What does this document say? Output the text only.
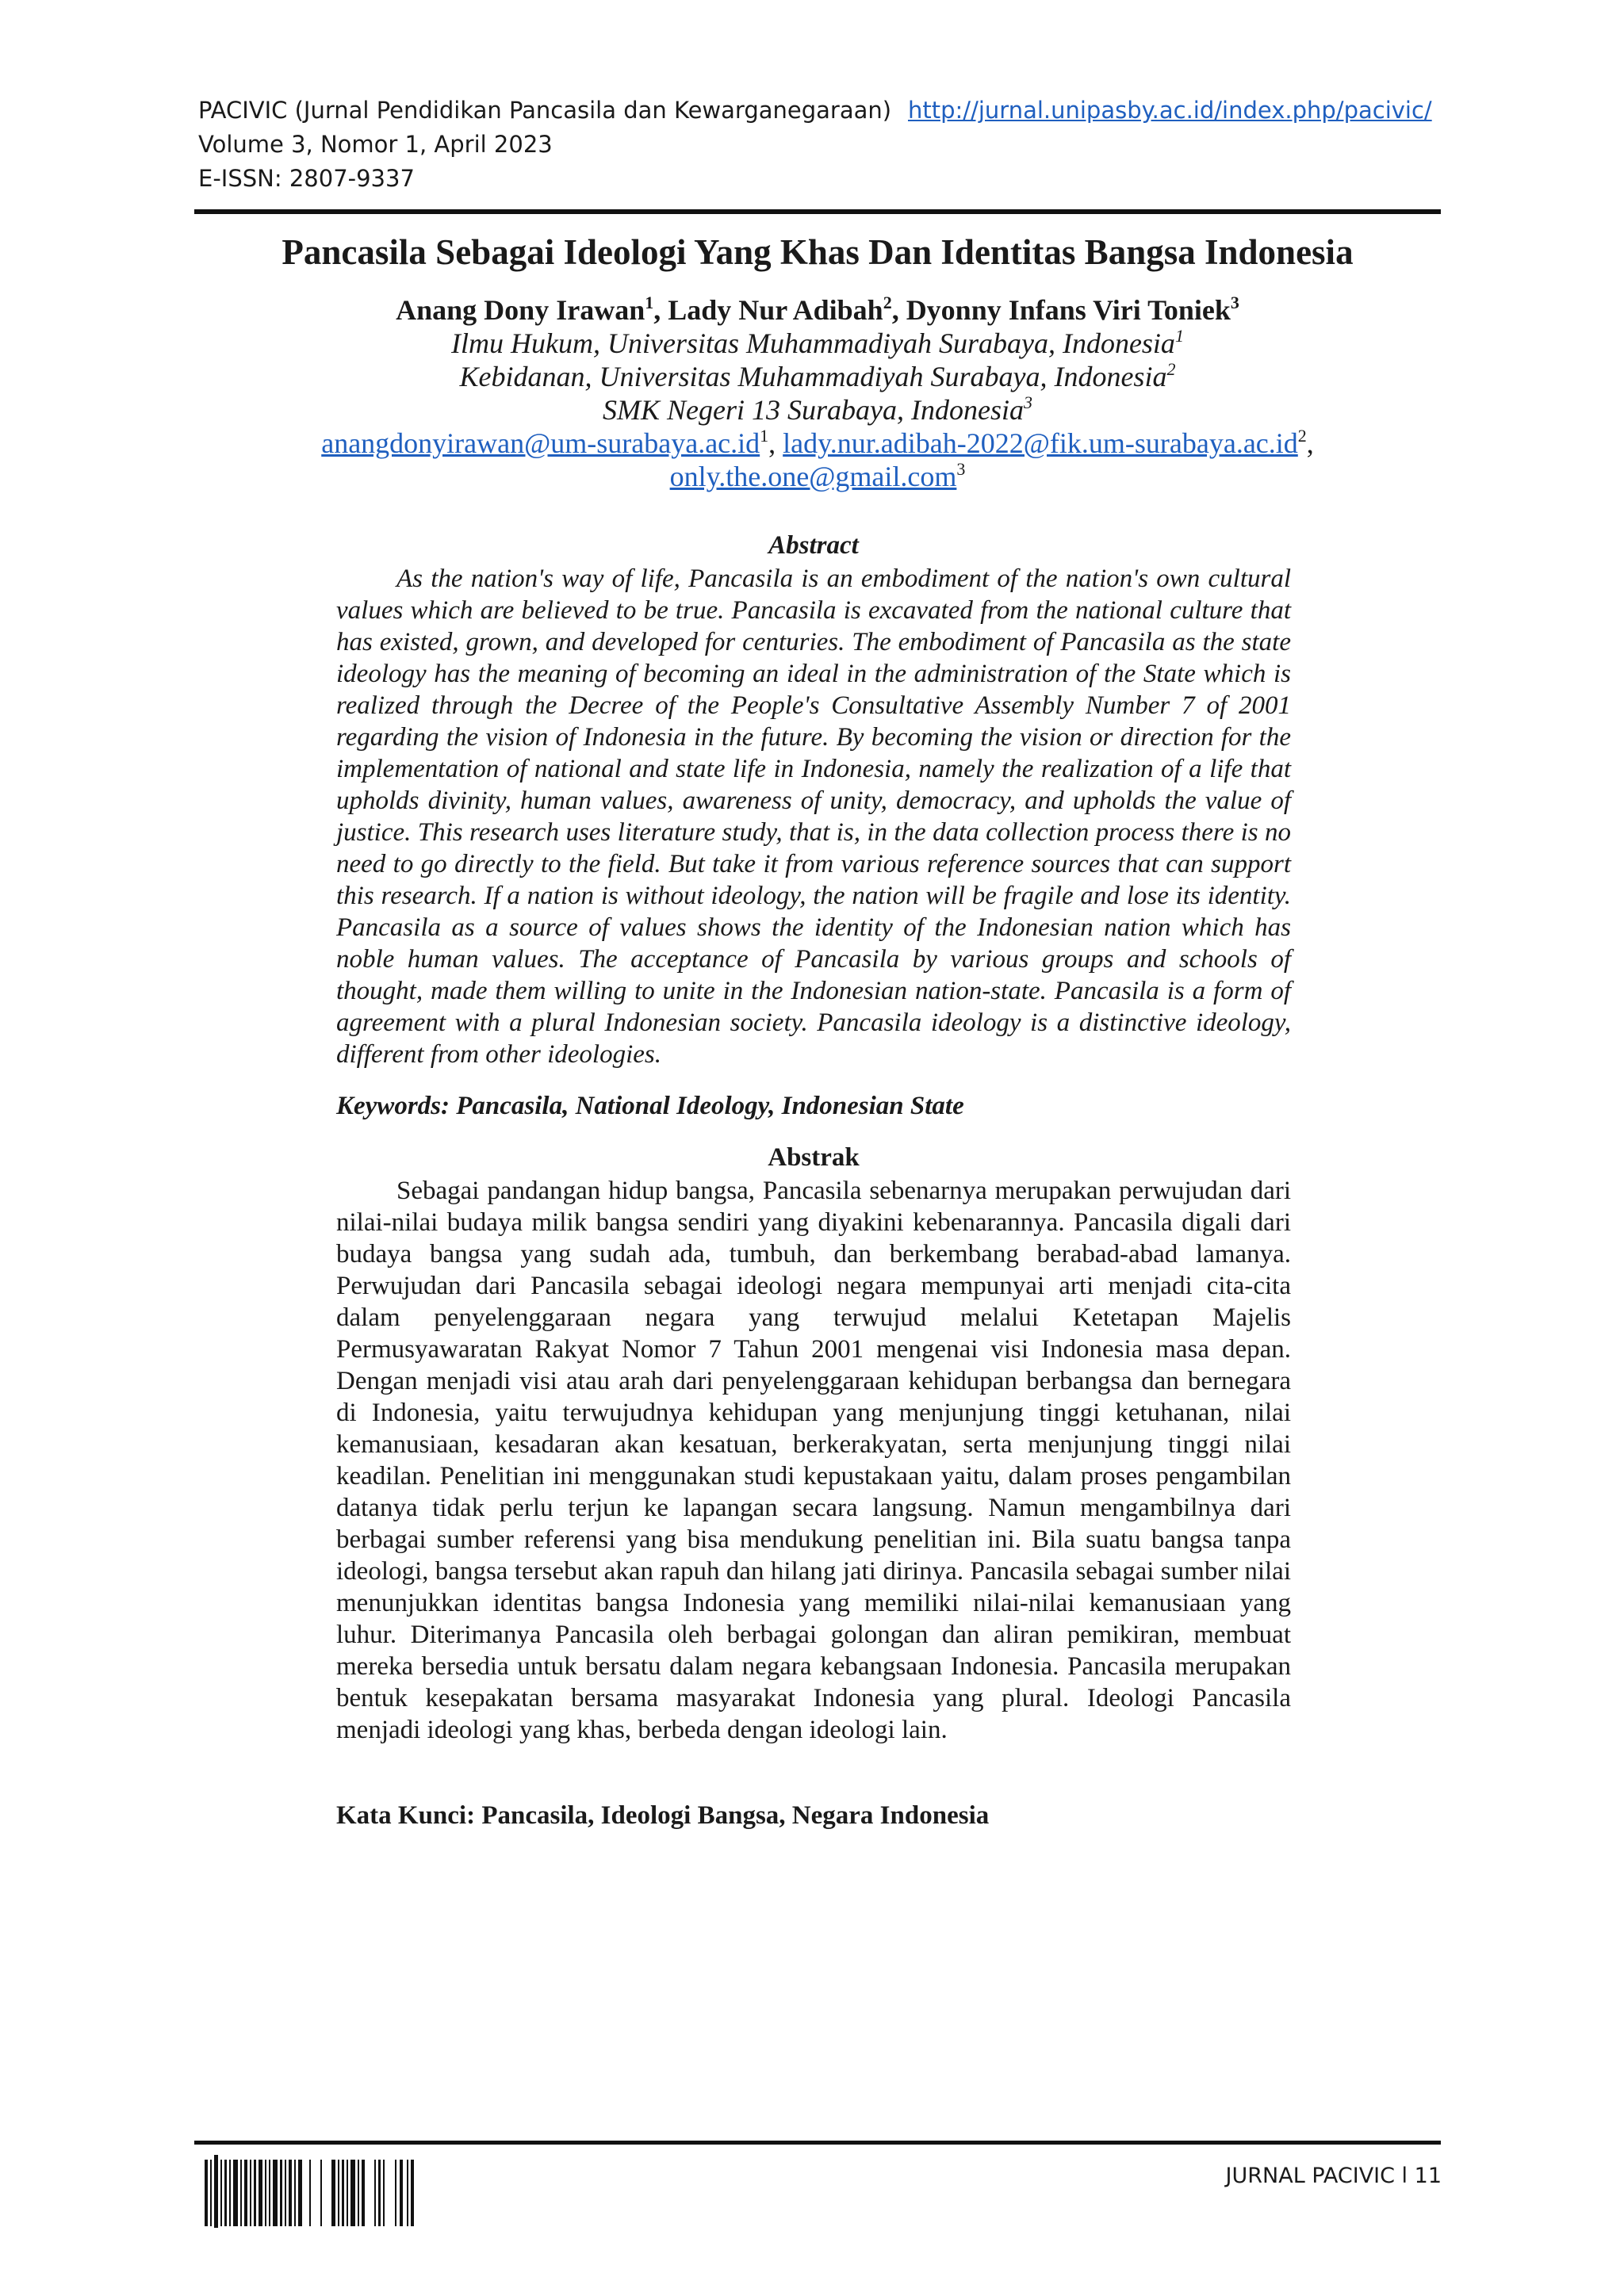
PACIVIC (Jurnal Pendidikan Pancasila dan Kewarganegaraan) http://jurnal.unipasby.ac.id/index.php/pacivic/
Volume 3, Nomor 1, April 2023
E-ISSN: 2807-9337
Pancasila Sebagai Ideologi Yang Khas Dan Identitas Bangsa Indonesia
Anang Dony Irawan$^1$, Lady Nur Adibah$^2$, Dyonny Infans Viri Toniek$^3$
Ilmu Hukum, Universitas Muhammadiyah Surabaya, Indonesia$^1$
Kebidanan, Universitas Muhammadiyah Surabaya, Indonesia$^2$
SMK Negeri 13 Surabaya, Indonesia$^3$
$anangdonyirawan@um-surabaya.ac.id^1$, $lady.nur.adibah-2022@fik.um-surabaya.ac.id^2$,
only.the.one@gmail.com$^3$
Abstract
As the nation's way of life, Pancasila is an embodiment of the nation's own cultural values which are believed to be true. Pancasila is excavated from the national culture that has existed, grown, and developed for centuries. The embodiment of Pancasila as the state ideology has the meaning of becoming an ideal in the administration of the State which is realized through the Decree of the People's Consultative Assembly Number 7 of 2001 regarding the vision of Indonesia in the future. By becoming the vision or direction for the implementation of national and state life in Indonesia, namely the realization of a life that upholds divinity, human values, awareness of unity, democracy, and upholds the value of justice. This research uses literature study, that is, in the data collection process there is no need to go directly to the field. But take it from various reference sources that can support this research. If a nation is without ideology, the nation will be fragile and lose its identity. Pancasila as a source of values shows the identity of the Indonesian nation which has noble human values. The acceptance of Pancasila by various groups and schools of thought, made them willing to unite in the Indonesian nation-state. Pancasila is a form of agreement with a plural Indonesian society. Pancasila ideology is a distinctive ideology, different from other ideologies.
Keywords: Pancasila, National Ideology, Indonesian State
Abstrak
Sebagai pandangan hidup bangsa, Pancasila sebenarnya merupakan perwujudan dari nilai-nilai budaya milik bangsa sendiri yang diyakini kebenarannya. Pancasila digali dari budaya bangsa yang sudah ada, tumbuh, dan berkembang berabad-abad lamanya. Perwujudan dari Pancasila sebagai ideologi negara mempunyai arti menjadi cita-cita dalam penyelenggaraan negara yang terwujud melalui Ketetapan Majelis Permusyawaratan Rakyat Nomor 7 Tahun 2001 mengenai visi Indonesia masa depan. Dengan menjadi visi atau arah dari penyelenggaraan kehidupan berbangsa dan bernegara di Indonesia, yaitu terwujudnya kehidupan yang menjunjung tinggi ketuhanan, nilai kemanusiaan, kesadaran akan kesatuan, berkerakyatan, serta menjunjung tinggi nilai keadilan. Penelitian ini menggunakan studi kepustakaan yaitu, dalam proses pengambilan datanya tidak perlu terjun ke lapangan secara langsung. Namun mengambilnya dari berbagai sumber referensi yang bisa mendukung penelitian ini. Bila suatu bangsa tanpa ideologi, bangsa tersebut akan rapuh dan hilang jati dirinya. Pancasila sebagai sumber nilai menunjukkan identitas bangsa Indonesia yang memiliki nilai-nilai kemanusiaan yang luhur. Diterimanya Pancasila oleh berbagai golongan dan aliran pemikiran, membuat mereka bersedia untuk bersatu dalam negara kebangsaan Indonesia. Pancasila merupakan bentuk kesepakatan bersama masyarakat Indonesia yang plural. Ideologi Pancasila menjadi ideologi yang khas, berbeda dengan ideologi lain.
Kata Kunci: Pancasila, Ideologi Bangsa, Negara Indonesia
JURNAL PACIVIC l 11
